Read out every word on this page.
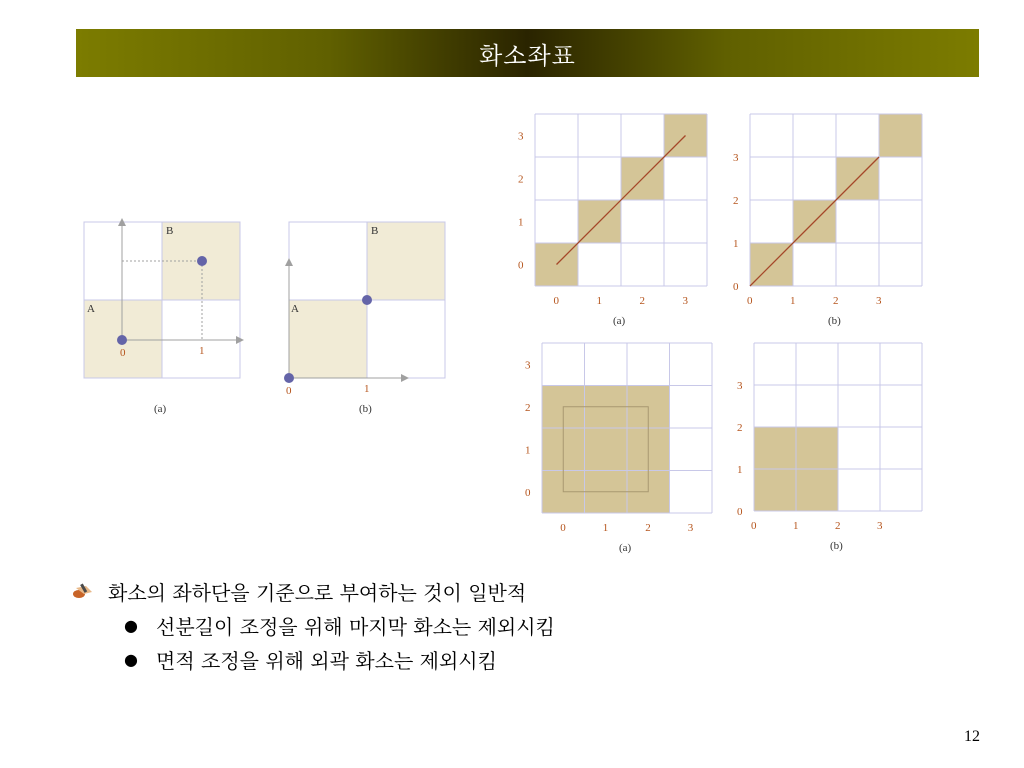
화소좌표
B
A
0	1
(a)
B
A
0	1
(b)
0
0
1
1
2
2
3
3
(a)
0
0
1
1
2
2
3
3
(b)
0
0
1
1
2
2
3
3
(a)
0
0
1
1
2
2
3
3
(b)
화소의 좌하단을 기준으로 부여하는 것이 일반적
● 선분길이 조정을 위해 마지막 화소는 제외시킴
● 면적 조정을 위해 외곽 화소는 제외시킴
12
